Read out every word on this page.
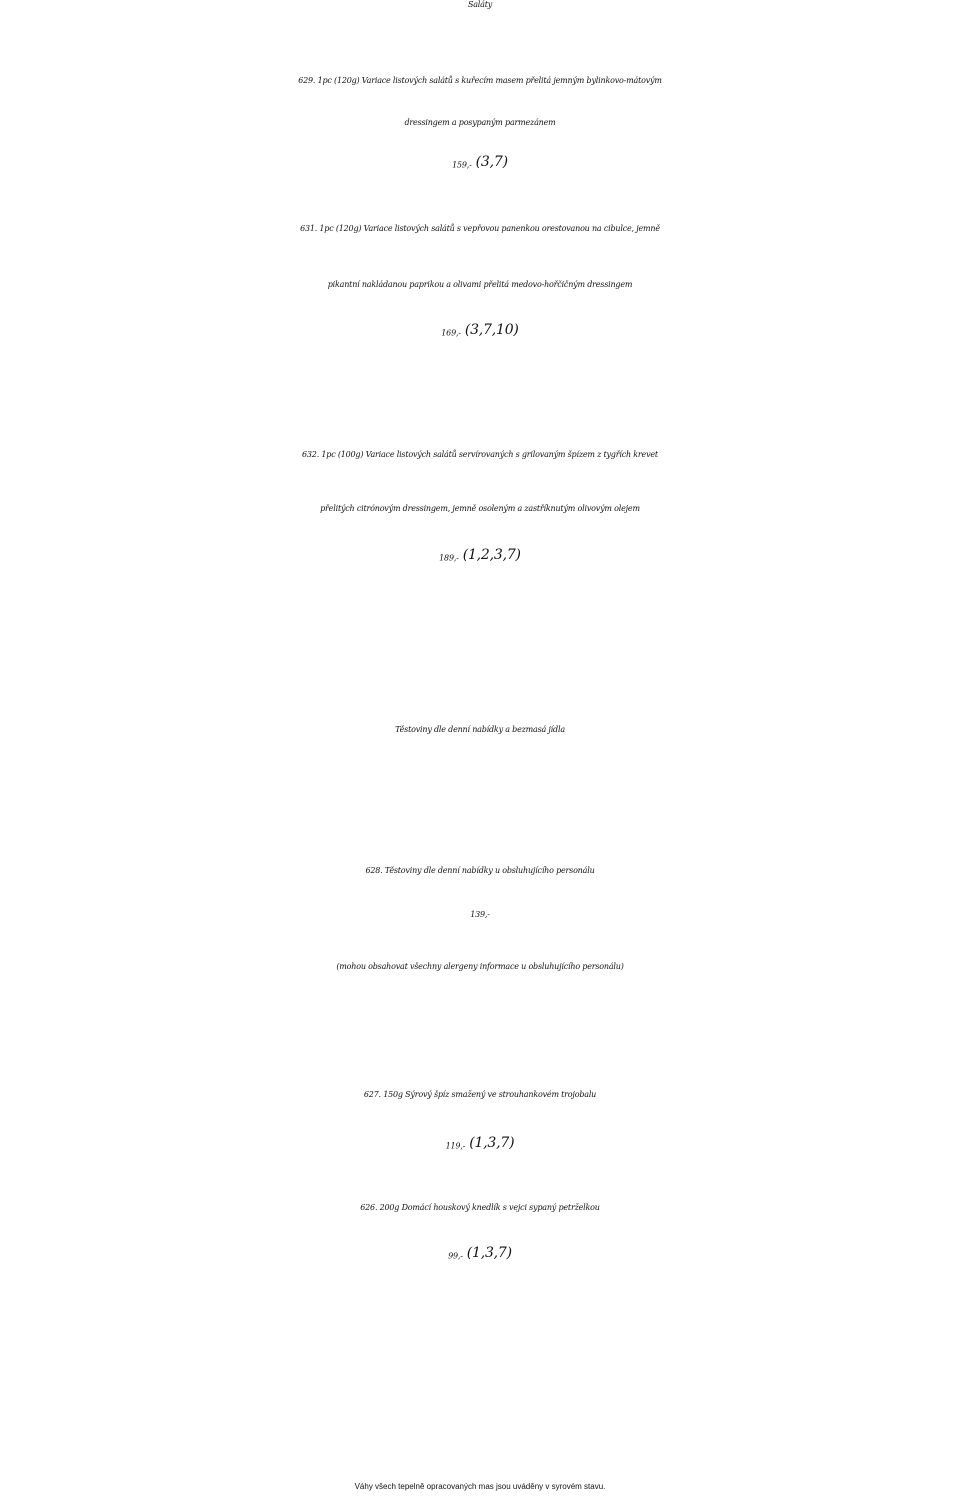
Saláty
629. 1pc (120g) Variace listových salátů s kuřecím masem přelitá jemným bylinkovo-mátovým
dressingem a posypaným parmezánem
159,- (3,7)
631. 1pc (120g) Variace listových salátů s vepřovou panenkou orestovanou na cibulce, jemně
pikantní nakládanou paprikou a olivami přelitá medovo-hořčičným dressingem
169,- (3,7,10)
632. 1pc (100g) Variace listových salátů servírovaných s grilovaným špízem z tygřích krevet
přelitých citrónovým dressingem, jemně osoleným a zastříknutým olivovým olejem
189,- (1,2,3,7)
Těstoviny dle denní nabídky a bezmasá jídla
628. Těstoviny dle denní nabídky u obsluhujícího personálu
139,-
(mohou obsahovat všechny alergeny informace u obsluhujícího personálu)
627. 150g Sýrový špíz smažený ve strouhankovém trojobalu
119,- (1,3,7)
626. 200g Domácí houskový knedlík s vejci sypaný petrželkou
99,- (1,3,7)
Váhy všech tepelně opracovaných mas jsou uváděny v syrovém stavu.
